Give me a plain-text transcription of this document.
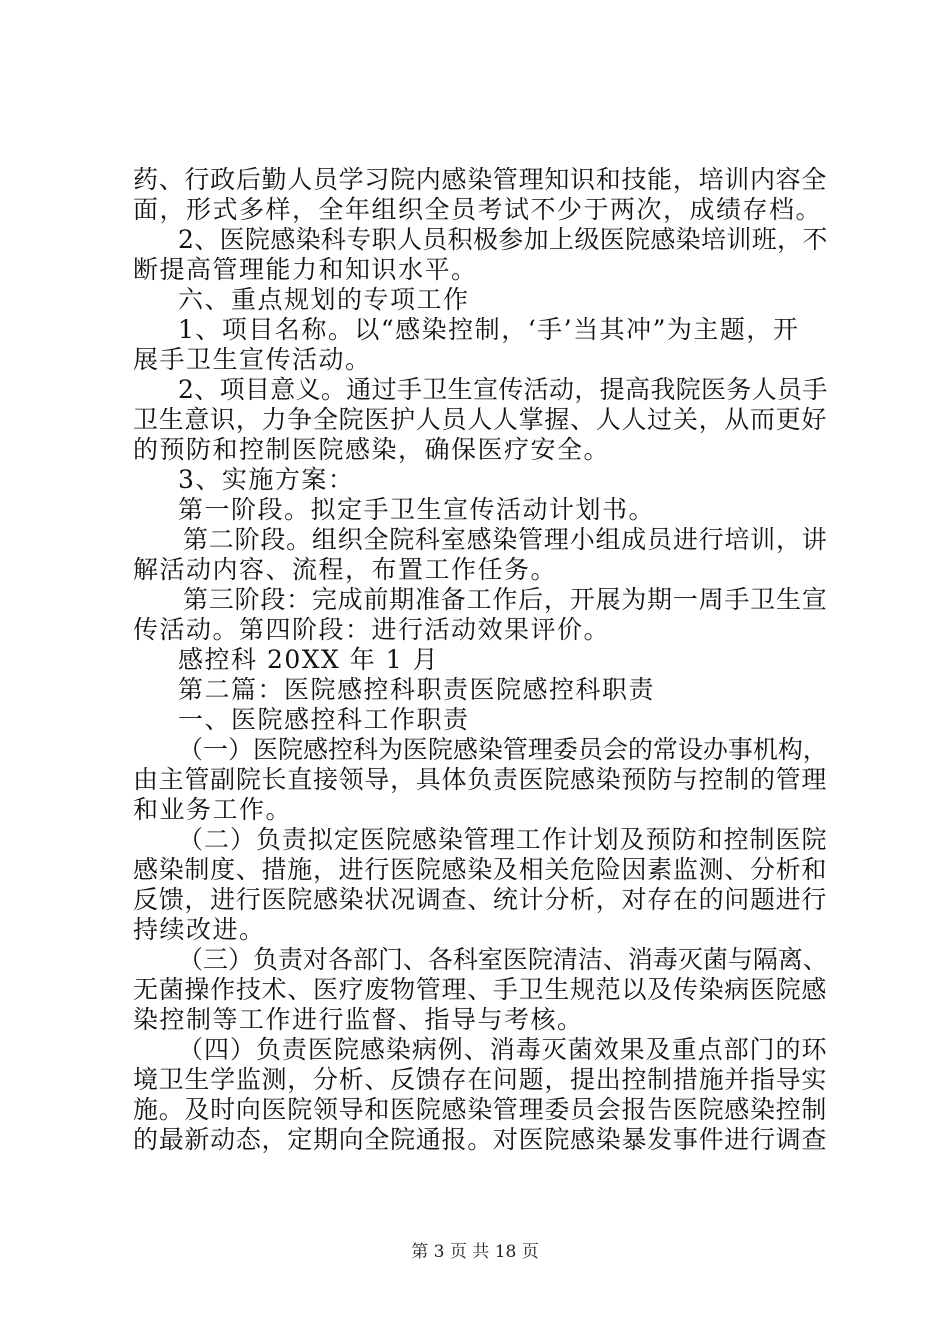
药、行政后勤人员学习院内感染管理知识和技能，培训内容全
面，形式多样，全年组织全员考试不少于两次，成绩存档。
2、医院感染科专职人员积极参加上级医院感染培训班，不
断提高管理能力和知识水平。
六、重点规划的专项工作
1、项目名称。以“感染控制，‘手’当其冲”为主题，开
展手卫生宣传活动。
2、项目意义。通过手卫生宣传活动，提高我院医务人员手
卫生意识，力争全院医护人员人人掌握、人人过关，从而更好
的预防和控制医院感染，确保医疗安全。
3、实施方案：
第一阶段。拟定手卫生宣传活动计划书。
第二阶段。组织全院科室感染管理小组成员进行培训，讲
解活动内容、流程，布置工作任务。
第三阶段：完成前期准备工作后，开展为期一周手卫生宣
传活动。第四阶段：进行活动效果评价。
感控科 20XX 年 1 月
第二篇：医院感控科职责医院感控科职责
一、医院感控科工作职责
（一）医院感控科为医院感染管理委员会的常设办事机构，
由主管副院长直接领导，具体负责医院感染预防与控制的管理
和业务工作。
（二）负责拟定医院感染管理工作计划及预防和控制医院
感染制度、措施，进行医院感染及相关危险因素监测、分析和
反馈，进行医院感染状况调查、统计分析，对存在的问题进行
持续改进。
（三）负责对各部门、各科室医院清洁、消毒灭菌与隔离、
无菌操作技术、医疗废物管理、手卫生规范以及传染病医院感
染控制等工作进行监督、指导与考核。
（四）负责医院感染病例、消毒灭菌效果及重点部门的环
境卫生学监测，分析、反馈存在问题，提出控制措施并指导实
施。及时向医院领导和医院感染管理委员会报告医院感染控制
的最新动态，定期向全院通报。对医院感染暴发事件进行调查
第 3 页 共 18 页
